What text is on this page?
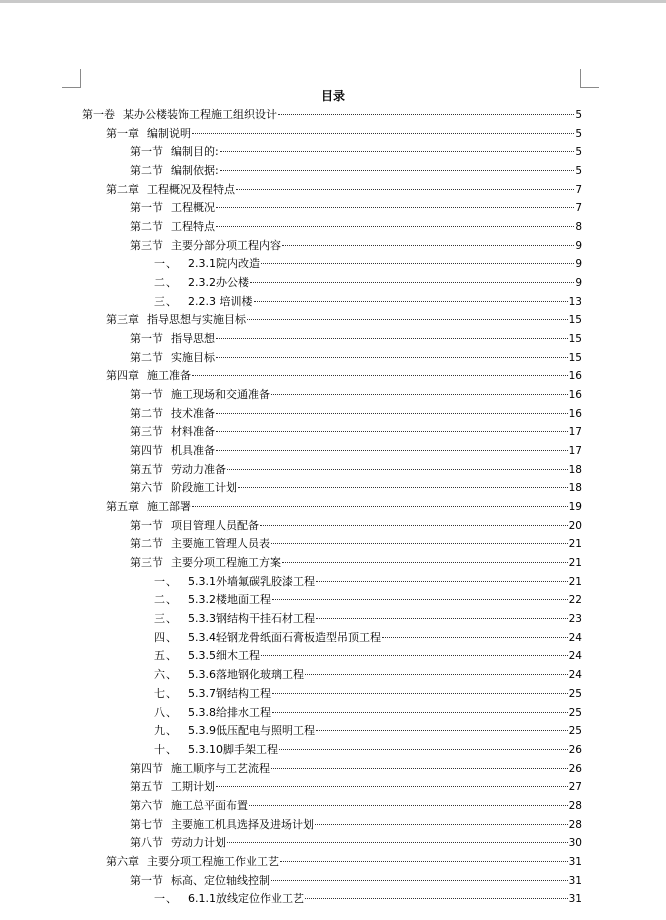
目录
第一卷 某办公楼装饰工程施工组织设计	5
第一章 编制说明	5
第一节 编制目的:	5
第二节 编制依据:	5
第二章 工程概况及程特点	7
第一节 工程概况	7
第二节 工程特点	8
第三节 主要分部分项工程内容	9
一、 2.3.1院内改造	9
二、 2.3.2办公楼	9
三、 2.2.3 培训楼	13
第三章 指导思想与实施目标	15
第一节 指导思想	15
第二节 实施目标	15
第四章 施工准备	16
第一节 施工现场和交通准备	16
第二节 技术准备	16
第三节 材料准备	17
第四节 机具准备	17
第五节 劳动力准备	18
第六节 阶段施工计划	18
第五章 施工部署	19
第一节 项目管理人员配备	20
第二节 主要施工管理人员表	21
第三节 主要分项工程施工方案	21
一、 5.3.1外墙氟碳乳胶漆工程	21
二、 5.3.2楼地面工程	22
三、 5.3.3钢结构干挂石材工程	23
四、 5.3.4轻钢龙骨纸面石膏板造型吊顶工程	24
五、 5.3.5细木工程	24
六、 5.3.6落地钢化玻璃工程	24
七、 5.3.7钢结构工程	25
八、 5.3.8给排水工程	25
九、 5.3.9低压配电与照明工程	25
十、 5.3.10脚手架工程	26
第四节 施工顺序与工艺流程	26
第五节 工期计划	27
第六节 施工总平面布置	28
第七节 主要施工机具选择及进场计划	28
第八节 劳动力计划	30
第六章 主要分项工程施工作业工艺	31
第一节 标高、定位轴线控制	31
一、 6.1.1放线定位作业工艺	31
